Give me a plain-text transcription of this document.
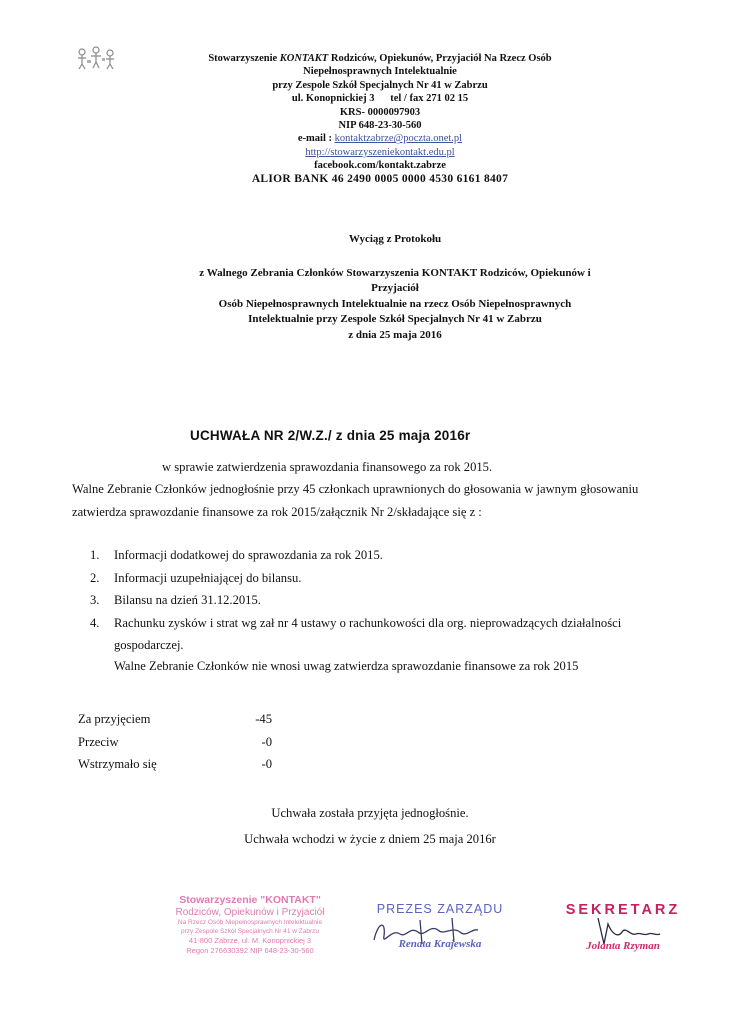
Stowarzyszenie KONTAKT Rodziców, Opiekunów, Przyjaciół Na Rzecz Osób
Niepełnosprawnych Intelektualnie
przy Zespole Szkół Specjalnych Nr 41 w Zabrzu
ul. Konopnickiej 3      tel / fax 271 02 15
KRS- 0000097903
NIP 648-23-30-560
e-mail : kontaktzabrze@poczta.onet.pl
http://stowarzyszeniekontakt.edu.pl
facebook.com/kontakt.zabrze
ALIOR BANK 46 2490 0005 0000 4530 6161 8407
Wyciąg z Protokołu
z Walnego Zebrania Członków Stowarzyszenia KONTAKT Rodziców, Opiekunów i
Przyjaciół
Osób Niepełnosprawnych Intelektualnie na rzecz Osób Niepełnosprawnych
Intelektualnie przy Zespole Szkół Specjalnych Nr 41 w Zabrzu
z dnia 25 maja 2016
UCHWAŁA NR 2/W.Z./ z dnia 25 maja 2016r
w sprawie zatwierdzenia sprawozdania finansowego za rok 2015.
Walne Zebranie Członków jednogłośnie przy 45 członkach uprawnionych do głosowania w jawnym głosowaniu zatwierdza sprawozdanie finansowe za rok 2015/załącznik Nr 2/składające się z :
1.	Informacji dodatkowej do sprawozdania za rok 2015.
2.	Informacji uzupełniającej do bilansu.
3.	Bilansu na dzień 31.12.2015.
4.	Rachunku zysków i strat wg zał nr 4 ustawy o rachunkowości dla org. nieprowadzących działalności gospodarczej.
Walne Zebranie Członków nie wnosi uwag zatwierdza sprawozdanie finansowe za rok 2015
Za przyjęciem	-45
Przeciw	-0
Wstrzymało się	-0
Uchwała została przyjęta jednogłośnie.
Uchwała wchodzi w życie z dniem 25 maja 2016r
Stowarzyszenie "KONTAKT"
Rodziców, Opiekunów i Przyjaciół
Na Rzecz Osób Niepełnosprawnych Intelektualnie
przy Zespole Szkół Specjalnych Nr 41 w Zabrzu
41-800 Zabrze, ul. M. Konopnickiej 3
Regon 276630392 NIP 648-23-30-560
PREZES ZARZĄDU
Renata Krajewska
SEKRETARZ
Jolanta Rzyman
